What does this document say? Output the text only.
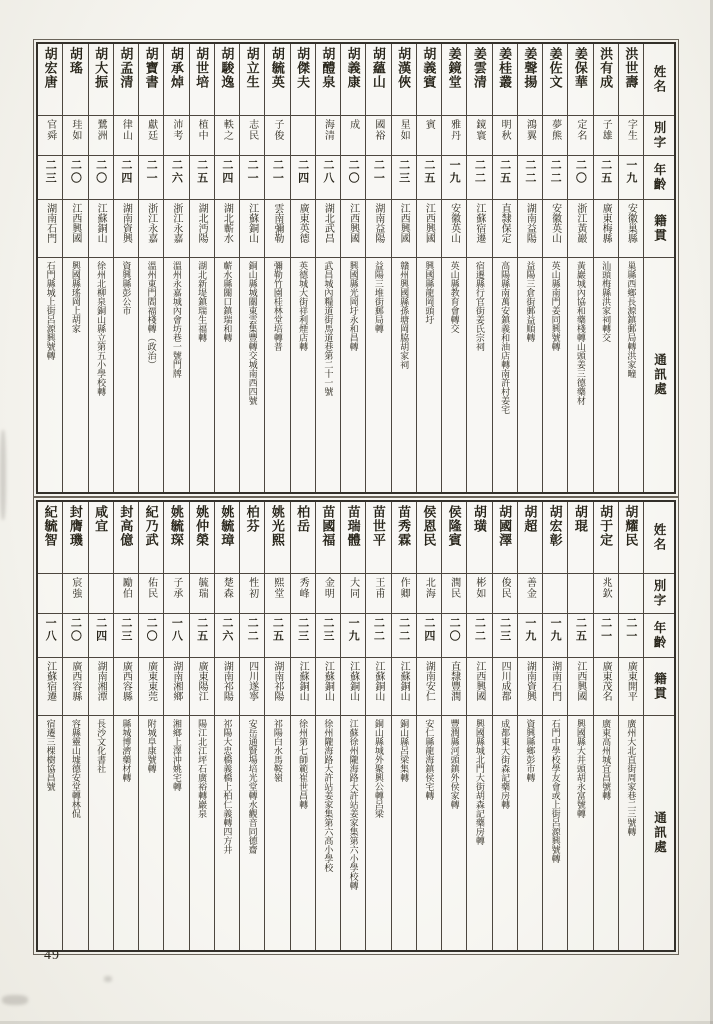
胡宏唐
官舜
二三
湖南石門
石門縣城上街呂源興號轉
胡瑤
珪如
二〇
江西興國
興國縣瑤岡上胡家
胡大振
鷺洲
二〇
江蘇銅山
徐州北柳泉銅山縣立第五小學校轉
胡孟清
律山
二四
湖南資興
資興縣彭公市
胡寶書
獻廷
二一
浙江永嘉
溫州東門閻福棧轉（政治）
胡承焯
沛考
二六
浙江永嘉
溫州永嘉城內會坊巷一號門牌
胡世培
植中
二五
湖北沔陽
湖北新堤鎮瑞生福轉
胡駿逸
軼之
二四
湖北蘄水
蘄水縣關口鎮瑞和轉
胡立生
志民
二一
江蘇銅山
銅山縣城關東雲集豐轉交城南西四號
胡毓英
子俊
二一
雲南彌勒
彌勒竹園桂林堂培轉普
胡傑夫
二四
廣東英德
英德城大街祥利煙店轉
胡醴泉
海清
二八
湖北武昌
武昌城內糧道街馬道巷第二十一號
胡義康
成
二〇
江西興國
興國縣光岡圩永和昌轉
胡蘊山
國裕
二一
湖南益陽
益陽三堆街郵局轉
胡漢俠
星如
二三
江西興國
贛州興國縣孫塘岡脇胡家祠
胡義賓
賓
二五
江西興國
興國縣龍岡頭圩
姜鏡堂
雅丹
一九
安徽英山
英山縣教育會轉交
姜雲清
鏡寰
二二
江蘇宿遷
宿遷縣行官街姜氏宗祠
姜桂叢
明秋
二五
直隸保定
高陽縣南萬安鎮義和油店轉南許村姜宅
姜聲揚
鴻翼
二二
湖南益陽
益陽三倉街郵益順轉
姜佐文
夢熊
二二
安徽英山
英山縣南門姜同興號轉
姜保華
定名
二〇
浙江黃巖
黃巖城內協和藥棧轉山頭姜三德藥材
洪有成
子雄
二五
廣東梅縣
汕頭梅縣洪家祠轉交
洪世壽
字生
一九
安徽巢縣
巢縣西鄉長源鎮郵局轉洪家疃
姓名
別字
年齡
籍貫
通訊處
紀毓智
一八
江蘇宿遷
宿遷三棵樹協昌號
封膺璣
宸強
二〇
廣西容縣
容縣靈山墟德安堂轉林侃
咸宜
二四
湖南湘潭
長沙文化書社
封高億
勵伯
二三
廣西容縣
縣城博濟藥材轉
紀乃武
佑民
二〇
廣東東莞
附城阜康號轉
姚毓琛
子承
一八
湖南湘鄉
湘鄉上澤沖姚宅轉
姚仲榮
毓瑞
二五
廣東陽江
陽江北江坪石廣裕轉巖泉
姚毓璋
楚森
二六
湖南祁陽
祁陽大忠橋義橋上柏仁義轉四方井
柏芬
性初
二二
四川遂寧
安岳通賢場培光堂轉水觀音同德齋
姚光熙
熙堂
二五
湖南祁陽
祁陽白水馬鞍嶺
柏岳
秀峰
二三
江蘇銅山
徐州第七師範崔世昌轉
苗國福
金明
二三
江蘇銅山
徐州隴海路大許站姜家集第六高小學校
苗瑞體
大同
一九
江蘇銅山
江蘇徐州隴海路大許站姜家集第六小學校轉
苗世平
王甫
二二
江蘇銅山
銅山縣城外聚興公轉呂梁
苗秀霖
作卿
二二
江蘇銅山
銅山縣呂梁集轉
侯恩民
北海
二四
湖南安仁
安仁縣龍海鎮侯宅轉
侯隆賓
潤民
二〇
直隸豐潤
豐潤縣河頭鎮外侯家轉
胡璜
彬如
二二
江西興國
興國縣城北門大街胡森記藥房轉
胡國澤
俊民
二三
四川成都
成都東大街森記藥房轉
胡超
善金
一九
湖南資興
資興縣鄉彭市轉
胡宏彰
一九
湖南石門
石門中學校學友會或上街呂源興號轉
胡琨
二五
江西興國
興國縣大井頭胡永富號轉
胡于定
兆欽
二一
廣東茂名
廣東高州城宜昌號轉
胡耀民
二一
廣東開平
廣州大北直街周家巷二三號轉
姓名
別字
年齡
籍貫
通訊處
49
